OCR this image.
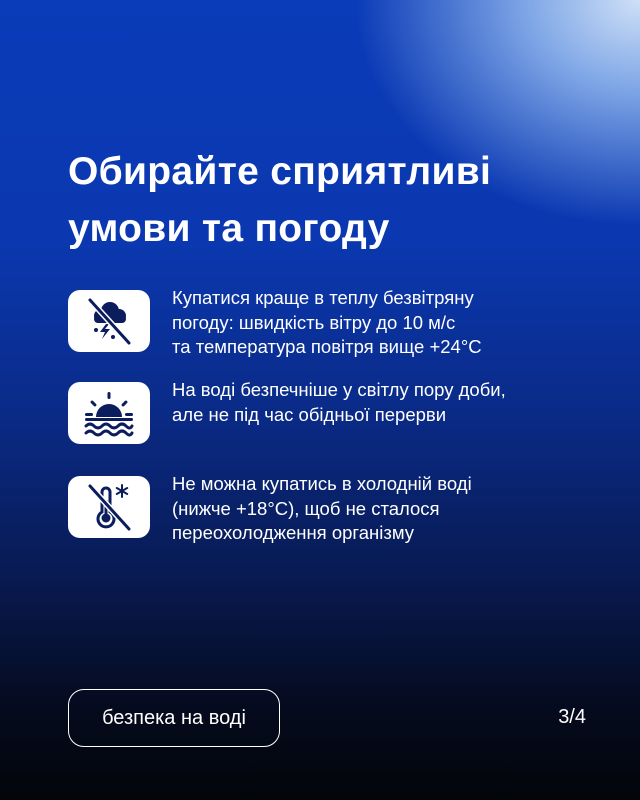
Обирайте сприятливі
умови та погоду
Купатися краще в теплу безвітряну
погоду: швидкість вітру до 10 м/с
та температура повітря вище +24°С
На воді безпечніше у світлу пору доби,
але не під час обідньої перерви
Не можна купатись в холодній воді
(нижче +18°С), щоб не сталося
переохолодження організму
безпека на воді	3/4
